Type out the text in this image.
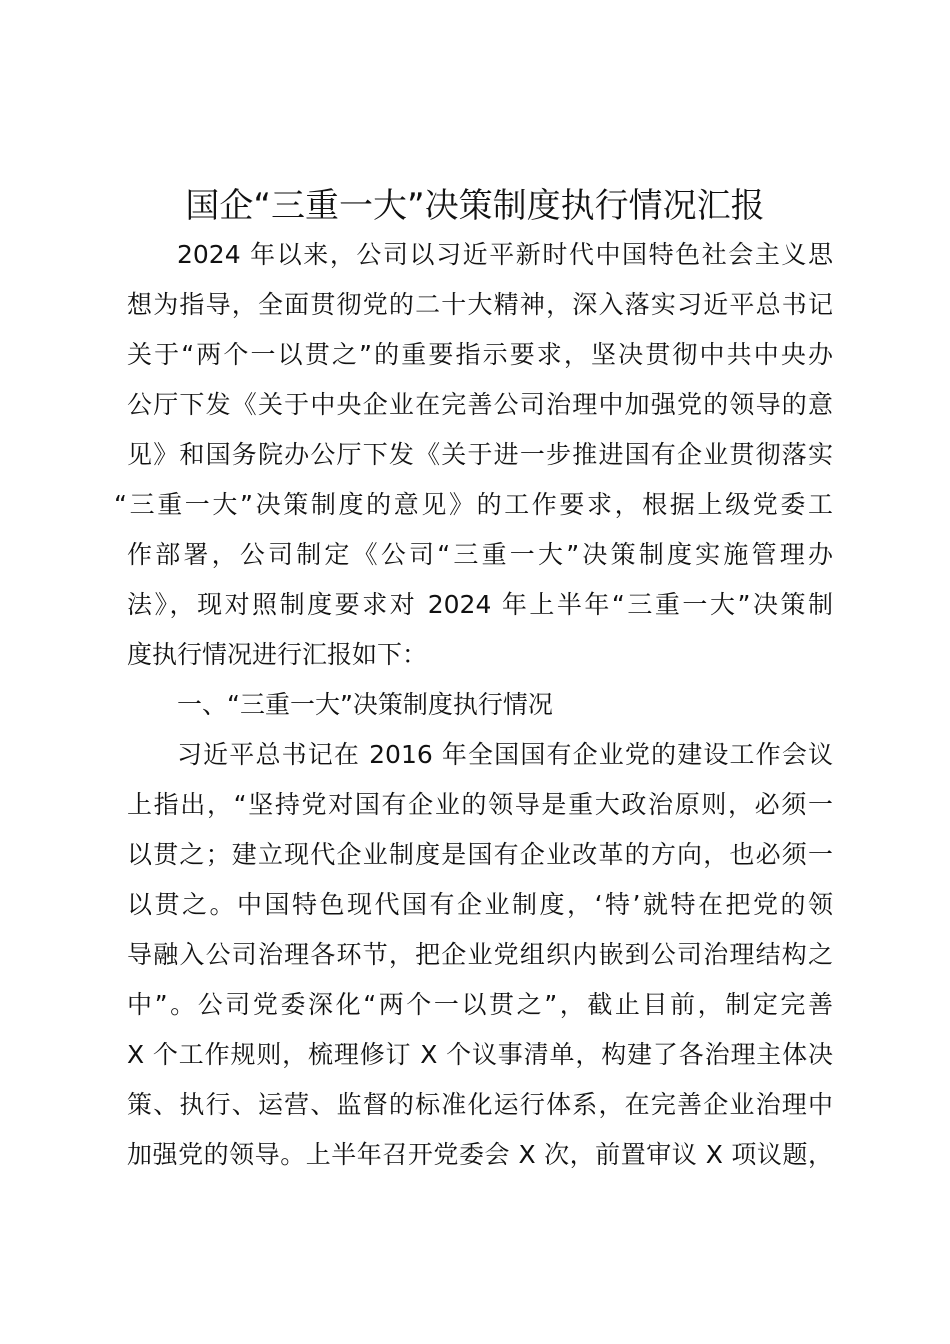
国企“三重一大”决策制度执行情况汇报
2024 年以来，公司以习近平新时代中国特色社会主义思
想为指导，全面贯彻党的二十大精神，深入落实习近平总书记
关于“两个一以贯之”的重要指示要求，坚决贯彻中共中央办
公厅下发《关于中央企业在完善公司治理中加强党的领导的意
见》和国务院办公厅下发《关于进一步推进国有企业贯彻落实
“三重一大”决策制度的意见》的工作要求，根据上级党委工
作部署，公司制定《公司“三重一大”决策制度实施管理办
法》，现对照制度要求对 2024 年上半年“三重一大”决策制
度执行情况进行汇报如下：
一、“三重一大”决策制度执行情况
习近平总书记在 2016 年全国国有企业党的建设工作会议
上指出，“坚持党对国有企业的领导是重大政治原则，必须一
以贯之；建立现代企业制度是国有企业改革的方向，也必须一
以贯之。中国特色现代国有企业制度，‘特’就特在把党的领
导融入公司治理各环节，把企业党组织内嵌到公司治理结构之
中”。公司党委深化“两个一以贯之”，截止目前，制定完善
X 个工作规则，梳理修订 X 个议事清单，构建了各治理主体决
策、执行、运营、监督的标准化运行体系，在完善企业治理中
加强党的领导。上半年召开党委会 X 次，前置审议 X 项议题，
